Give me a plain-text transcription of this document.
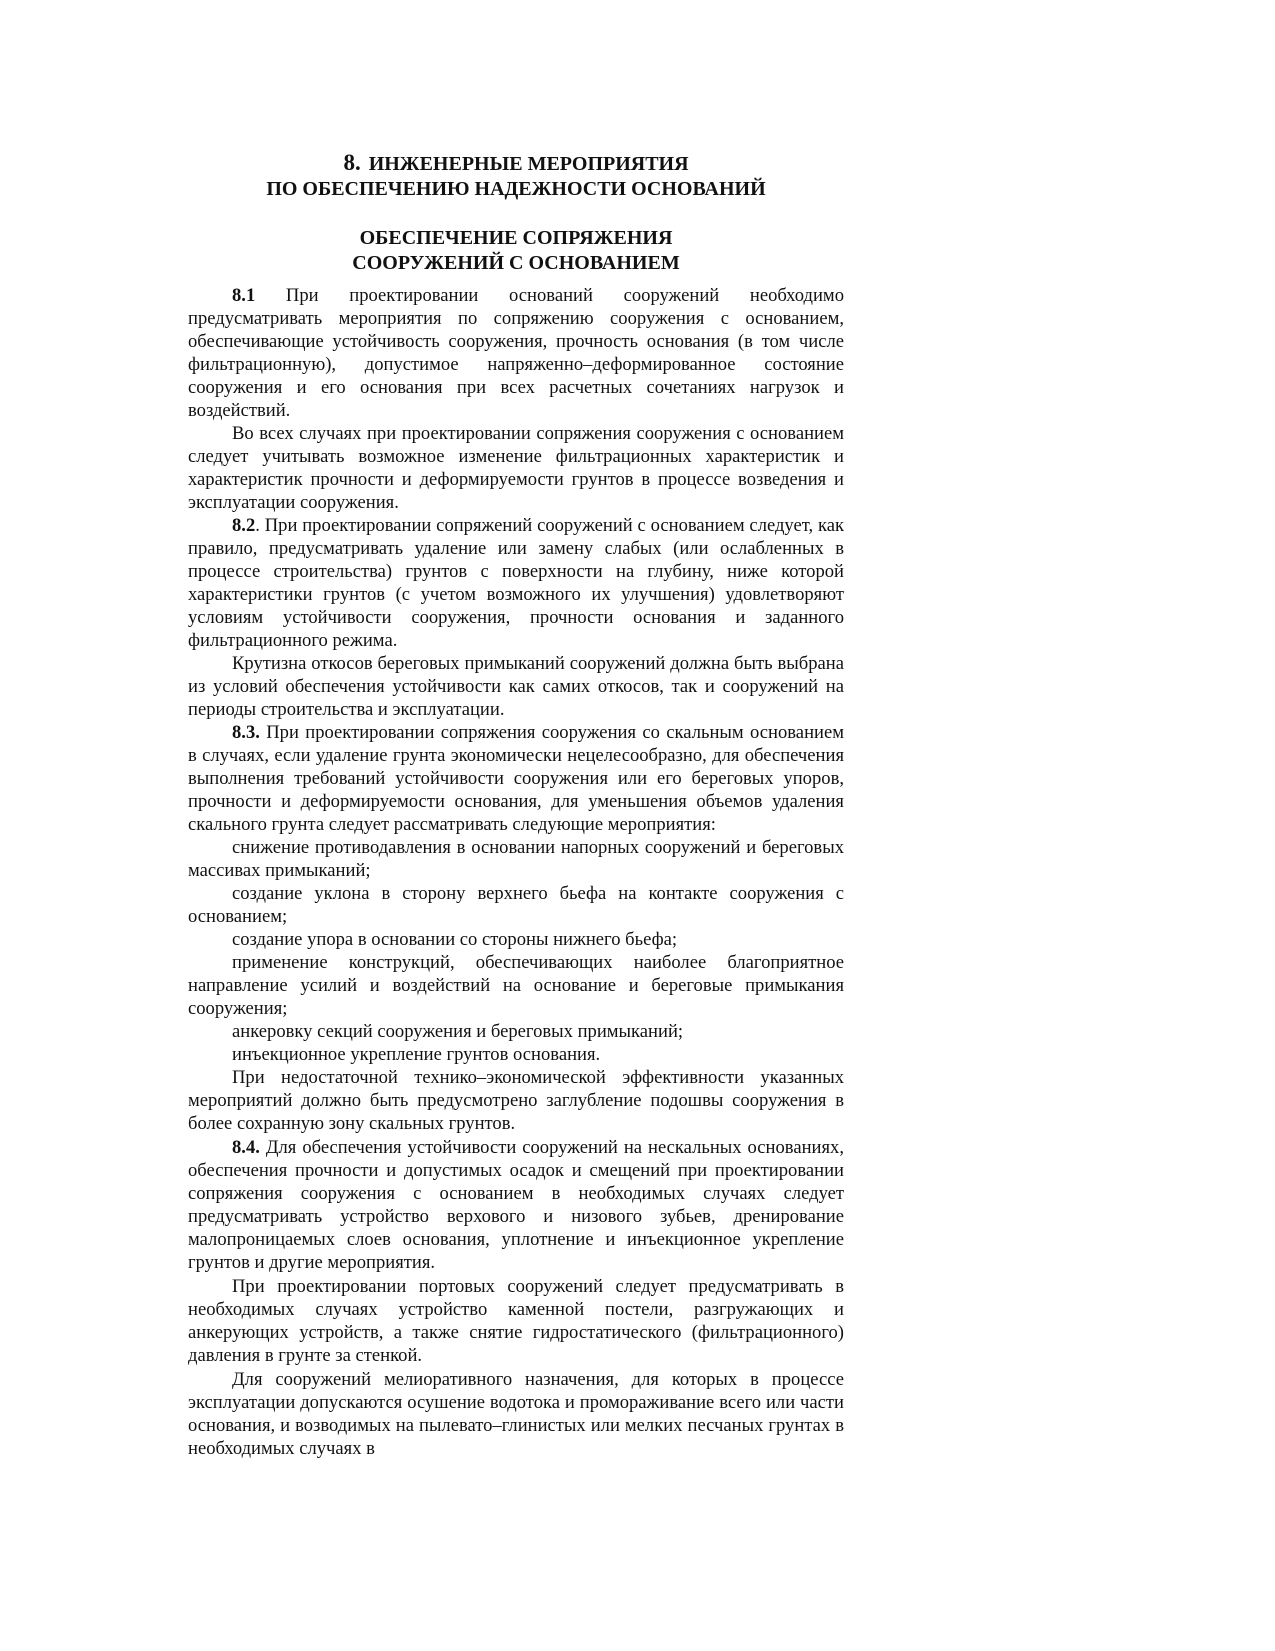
8. ИНЖЕНЕРНЫЕ МЕРОПРИЯТИЯ
ПО ОБЕСПЕЧЕНИЮ НАДЕЖНОСТИ ОСНОВАНИЙ
ОБЕСПЕЧЕНИЕ СОПРЯЖЕНИЯ
СООРУЖЕНИЙ С ОСНОВАНИЕМ

8.1 При проектировании оснований сооружений необходимо предусматривать мероприятия по сопряжению сооружения с основанием, обеспечивающие устойчивость сооружения, прочность основания (в том числе фильтрационную), допустимое напряженно–деформированное состояние сооружения и его основания при всех расчетных сочетаниях нагрузок и воздействий.

Во всех случаях при проектировании сопряжения сооружения с основанием следует учитывать возможное изменение фильтрационных характеристик и характеристик прочности и деформируемости грунтов в процессе возведения и эксплуатации сооружения.

8.2. При проектировании сопряжений сооружений с основанием следует, как правило, предусматривать удаление или замену слабых (или ослабленных в процессе строительства) грунтов с поверхности на глубину, ниже которой характеристики грунтов (с учетом возможного их улучшения) удовлетворяют условиям устойчивости сооружения, прочности основания и заданного фильтрационного режима.

Крутизна откосов береговых примыканий сооружений должна быть выбрана из условий обеспечения устойчивости как самих откосов, так и сооружений на периоды строительства и эксплуатации.

8.3. При проектировании сопряжения сооружения со скальным основанием в случаях, если удаление грунта экономически нецелесообразно, для обеспечения выполнения требований устойчивости сооружения или его береговых упоров, прочности и деформируемости основания, для уменьшения объемов удаления скального грунта следует рассматривать следующие мероприятия:

снижение противодавления в основании напорных сооружений и береговых массивах примыканий;

создание уклона в сторону верхнего бьефа на контакте сооружения с основанием;

создание упора в основании со стороны нижнего бьефа;

применение конструкций, обеспечивающих наиболее благоприятное направление усилий и воздействий на основание и береговые примыкания сооружения;

анкеровку секций сооружения и береговых примыканий;

инъекционное укрепление грунтов основания.

При недостаточной технико–экономической эффективности указанных мероприятий должно быть предусмотрено заглубление подошвы сооружения в более сохранную зону скальных грунтов.

8.4. Для обеспечения устойчивости сооружений на нескальных основаниях, обеспечения прочности и допустимых осадок и смещений при проектировании сопряжения сооружения с основанием в необходимых случаях следует предусматривать устройство верхового и низового зубьев, дренирование малопроницаемых слоев основания, уплотнение и инъекционное укрепление грунтов и другие мероприятия.

При проектировании портовых сооружений следует предусматривать в необходимых случаях устройство каменной постели, разгружающих и анкерующих устройств, а также снятие гидростатического (фильтрационного) давления в грунте за стенкой.

Для сооружений мелиоративного назначения, для которых в процессе эксплуатации допускаются осушение водотока и промораживание всего или части основания, и возводимых на пылевато–глинистых или мелких песчаных грунтах в необходимых случаях в
